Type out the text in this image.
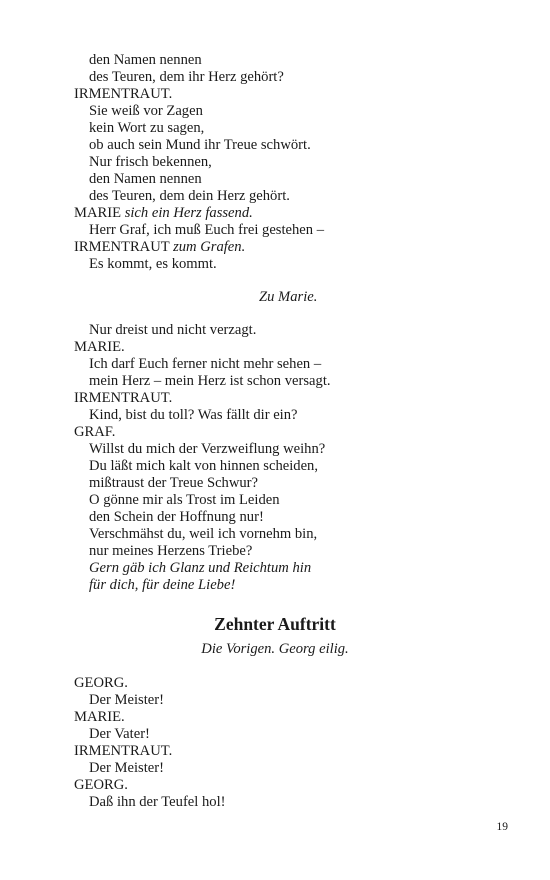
den Namen nennen
des Teuren, dem ihr Herz gehört?
IRMENTRAUT.
Sie weiß vor Zagen
kein Wort zu sagen,
ob auch sein Mund ihr Treue schwört.
Nur frisch bekennen,
den Namen nennen
des Teuren, dem dein Herz gehört.
MARIE sich ein Herz fassend.
Herr Graf, ich muß Euch frei gestehen –
IRMENTRAUT zum Grafen.
Es kommt, es kommt.
Zu Marie.
Nur dreist und nicht verzagt.
MARIE.
Ich darf Euch ferner nicht mehr sehen –
mein Herz – mein Herz ist schon versagt.
IRMENTRAUT.
Kind, bist du toll? Was fällt dir ein?
GRAF.
Willst du mich der Verzweiflung weihn?
Du läßt mich kalt von hinnen scheiden,
mißtraust der Treue Schwur?
O gönne mir als Trost im Leiden
den Schein der Hoffnung nur!
Verschmähst du, weil ich vornehm bin,
nur meines Herzens Triebe?
Gern gäb ich Glanz und Reichtum hin
für dich, für deine Liebe!
Zehnter Auftritt
Die Vorigen. Georg eilig.
GEORG.
Der Meister!
MARIE.
Der Vater!
IRMENTRAUT.
Der Meister!
GEORG.
Daß ihn der Teufel hol!
19
